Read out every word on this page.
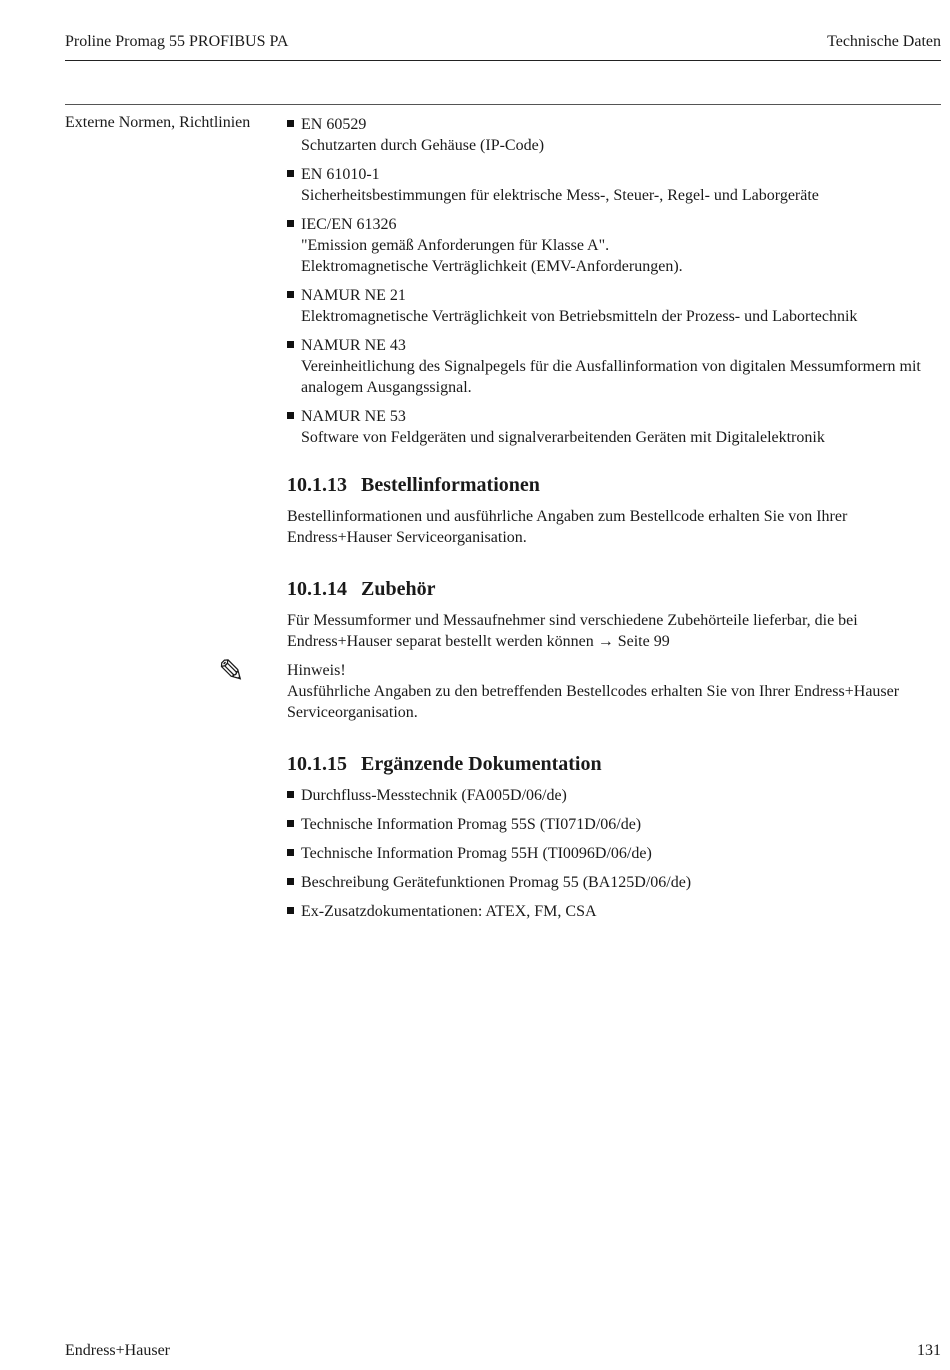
Proline Promag 55 PROFIBUS PA	Technische Daten
Externe Normen, Richtlinien	EN 60529
Schutzarten durch Gehäuse (IP-Code)
EN 61010-1
Sicherheitsbestimmungen für elektrische Mess-, Steuer-, Regel- und Laborgeräte
IEC/EN 61326
"Emission gemäß Anforderungen für Klasse A".
Elektromagnetische Verträglichkeit (EMV-Anforderungen).
NAMUR NE 21
Elektromagnetische Verträglichkeit von Betriebsmitteln der Prozess- und Labortechnik
NAMUR NE 43
Vereinheitlichung des Signalpegels für die Ausfallinformation von digitalen Messumformern mit analogem Ausgangssignal.
NAMUR NE 53
Software von Feldgeräten und signalverarbeitenden Geräten mit Digitalelektronik
10.1.13 Bestellinformationen

Bestellinformationen und ausführliche Angaben zum Bestellcode erhalten Sie von Ihrer Endress+Hauser Serviceorganisation.

10.1.14 Zubehör

Für Messumformer und Messaufnehmer sind verschiedene Zubehörteile lieferbar, die bei Endress+Hauser separat bestellt werden können → Seite 99

Hinweis!

Ausführliche Angaben zu den betreffenden Bestellcodes erhalten Sie von Ihrer Endress+Hauser Serviceorganisation.

10.1.15 Ergänzende Dokumentation
Durchfluss-Messtechnik (FA005D/06/de)
Technische Information Promag 55S (TI071D/06/de)
Technische Information Promag 55H (TI0096D/06/de)
Beschreibung Gerätefunktionen Promag 55 (BA125D/06/de)
Ex-Zusatzdokumentationen: ATEX, FM, CSA
✎
Endress+Hauser	131
